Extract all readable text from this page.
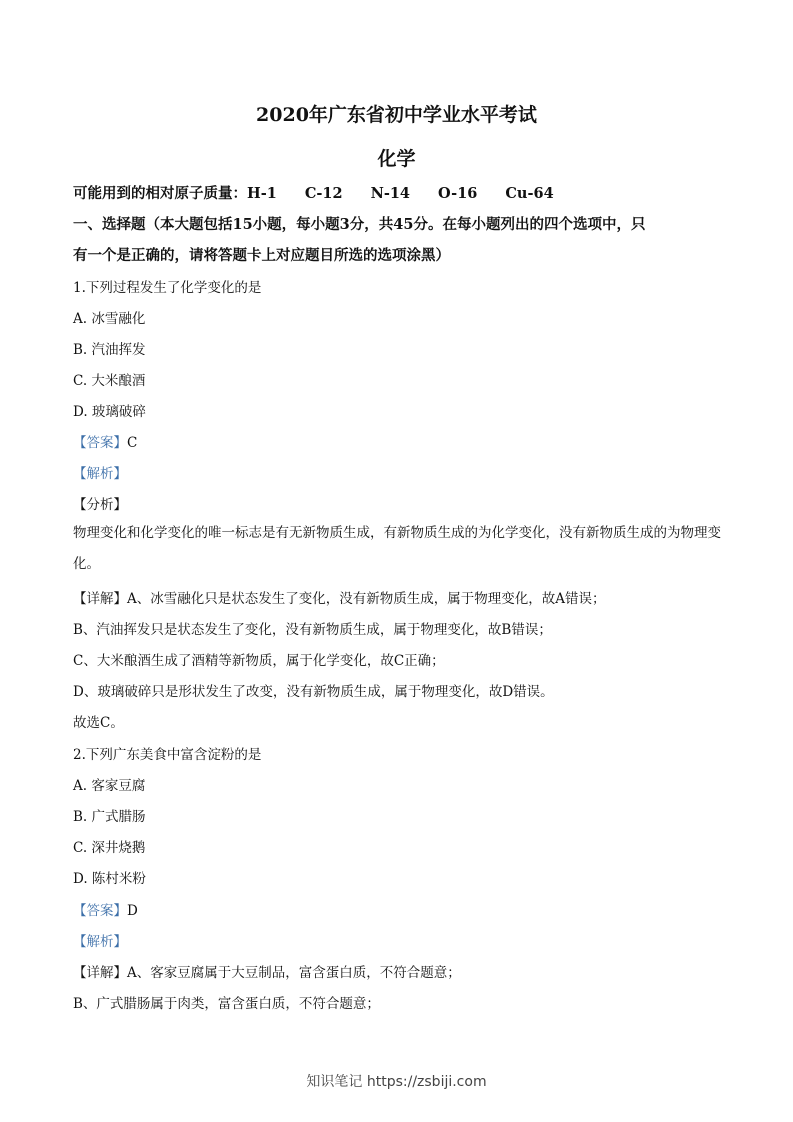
2020年广东省初中学业水平考试
化学
可能用到的相对原子质量：H-1 C-12 N-14 O-16 Cu-64
一、选择题（本大题包括15小题，每小题3分，共45分。在每小题列出的四个选项中，只
有一个是正确的，请将答题卡上对应题目所选的选项涂黑）
1.下列过程发生了化学变化的是
A. 冰雪融化
B. 汽油挥发
C. 大米酿酒
D. 玻璃破碎
【答案】C
【解析】
【分析】
物理变化和化学变化的唯一标志是有无新物质生成，有新物质生成的为化学变化，没有新物质生成的为物理变化。
【详解】A、冰雪融化只是状态发生了变化，没有新物质生成，属于物理变化，故A错误；
B、汽油挥发只是状态发生了变化，没有新物质生成，属于物理变化，故B错误；
C、大米酿酒生成了酒精等新物质，属于化学变化，故C正确；
D、玻璃破碎只是形状发生了改变，没有新物质生成，属于物理变化，故D错误。
故选C。
2.下列广东美食中富含淀粉的是
A. 客家豆腐
B. 广式腊肠
C. 深井烧鹅
D. 陈村米粉
【答案】D
【解析】
【详解】A、客家豆腐属于大豆制品，富含蛋白质，不符合题意；
B、广式腊肠属于肉类，富含蛋白质，不符合题意；
知识笔记 https://zsbiji.com
